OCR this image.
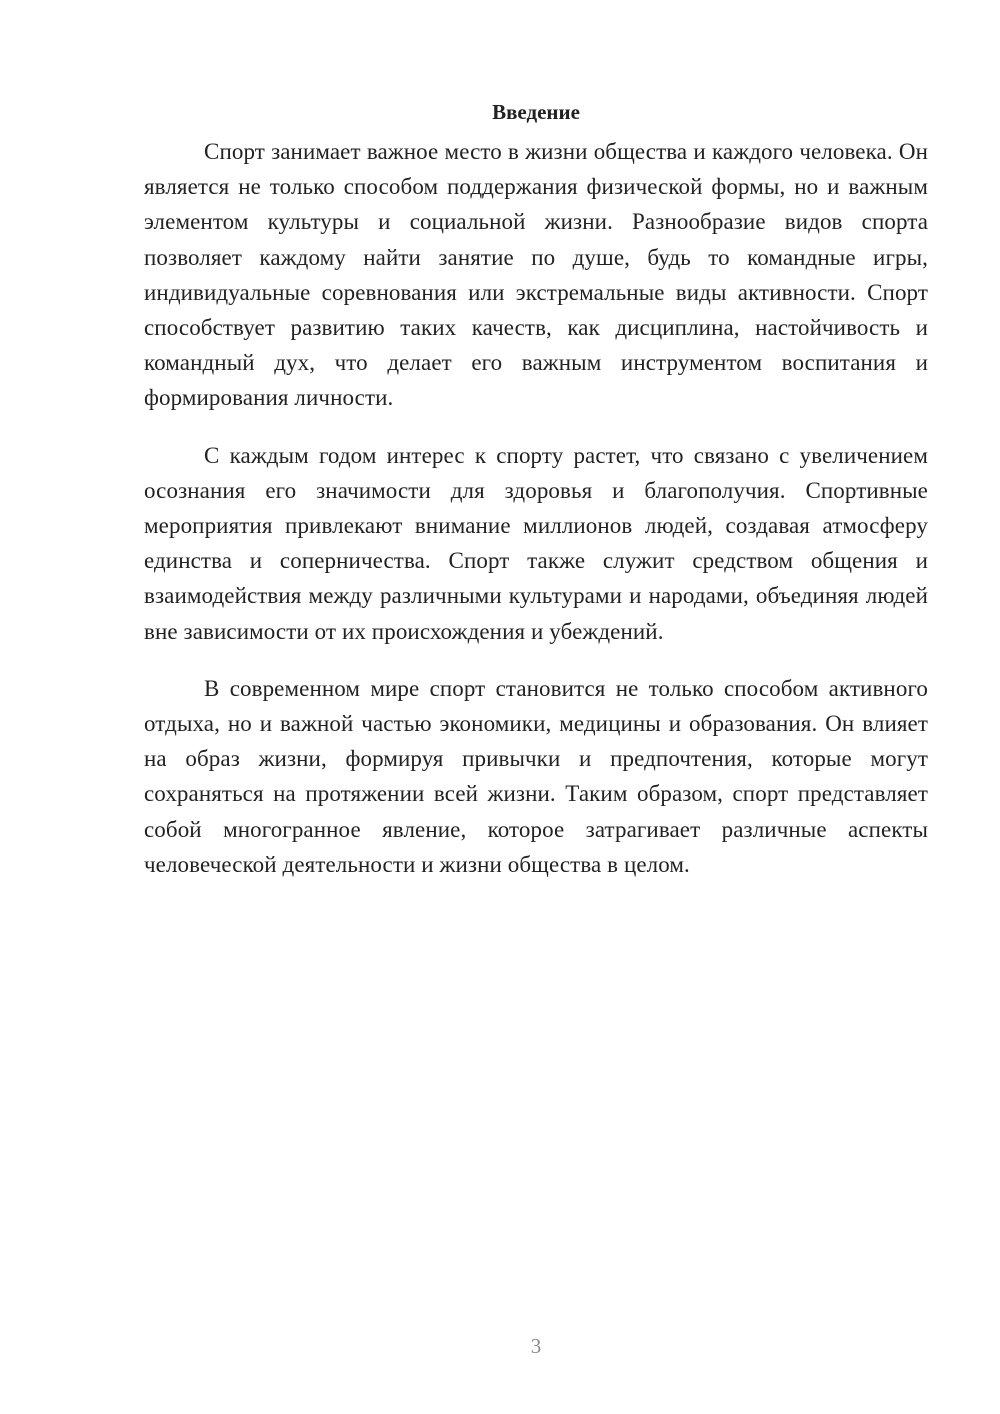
Введение

Спорт занимает важное место в жизни общества и каждого человека. Он является не только способом поддержания физической формы, но и важным элементом культуры и социальной жизни. Разнообразие видов спорта позволяет каждому найти занятие по душе, будь то командные игры, индивидуальные соревнования или экстремальные виды активности. Спорт способствует развитию таких качеств, как дисциплина, настойчивость и командный дух, что делает его важным инструментом воспитания и формирования личности.

С каждым годом интерес к спорту растет, что связано с увеличением осознания его значимости для здоровья и благополучия. Спортивные мероприятия привлекают внимание миллионов людей, создавая атмосферу единства и соперничества. Спорт также служит средством общения и взаимодействия между различными культурами и народами, объединяя людей вне зависимости от их происхождения и убеждений.

В современном мире спорт становится не только способом активного отдыха, но и важной частью экономики, медицины и образования. Он влияет на образ жизни, формируя привычки и предпочтения, которые могут сохраняться на протяжении всей жизни. Таким образом, спорт представляет собой многогранное явление, которое затрагивает различные аспекты человеческой деятельности и жизни общества в целом.

3
